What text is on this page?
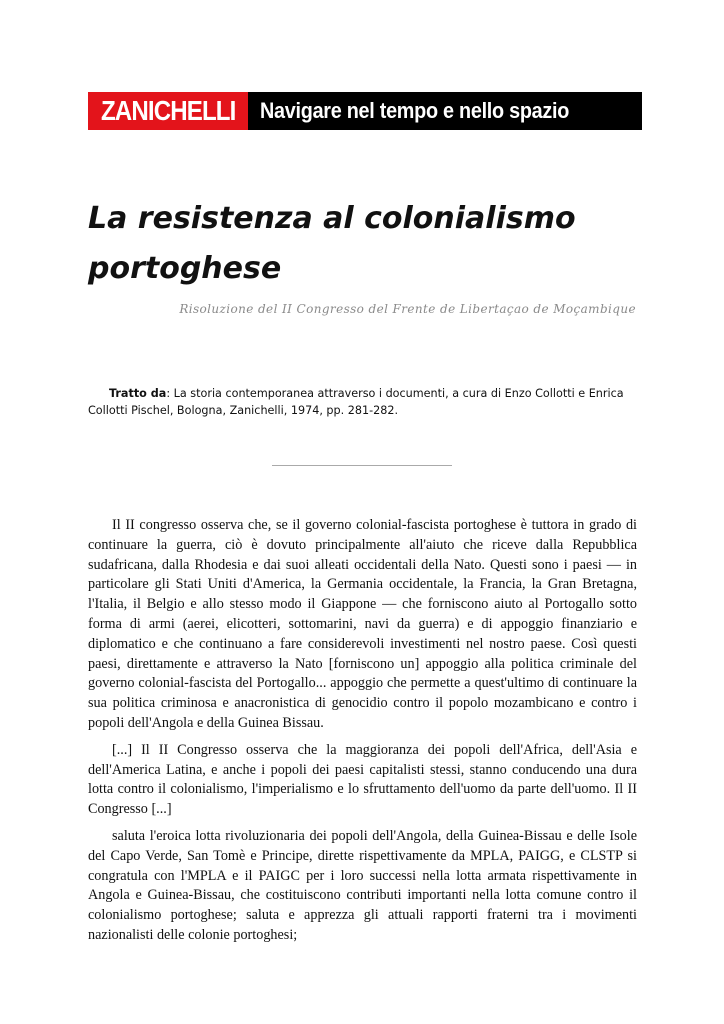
ZANICHELLI Navigare nel tempo e nello spazio
La resistenza al colonialismo portoghese
Risoluzione del II Congresso del Frente de Libertaçao de Moçambique

Tratto da: La storia contemporanea attraverso i documenti, a cura di Enzo Collotti e Enrica Collotti Pischel, Bologna, Zanichelli, 1974, pp. 281-282.

Il II congresso osserva che, se il governo colonial-fascista portoghese è tuttora in grado di continuare la guerra, ciò è dovuto principalmente all'aiuto che riceve dalla Repubblica sudafricana, dalla Rhodesia e dai suoi alleati occidentali della Nato. Questi sono i paesi — in particolare gli Stati Uniti d'America, la Germania occidentale, la Francia, la Gran Bretagna, l'Italia, il Belgio e allo stesso modo il Giappone — che forniscono aiuto al Portogallo sotto forma di armi (aerei, elicotteri, sottomarini, navi da guerra) e di appoggio finanziario e diplomatico e che continuano a fare considerevoli investimenti nel nostro paese. Così questi paesi, direttamente e attraverso la Nato [forniscono un] appoggio alla politica criminale del governo colonial-fascista del Portogallo... appoggio che permette a quest'ultimo di continuare la sua politica criminosa e anacronistica di genocidio contro il popolo mozambicano e contro i popoli dell'Angola e della Guinea Bissau.

[...] Il II Congresso osserva che la maggioranza dei popoli dell'Africa, dell'Asia e dell'America Latina, e anche i popoli dei paesi capitalisti stessi, stanno conducendo una dura lotta contro il colonialismo, l'imperialismo e lo sfruttamento dell'uomo da parte dell'uomo. Il II Congresso [...]

saluta l'eroica lotta rivoluzionaria dei popoli dell'Angola, della Guinea-Bissau e delle Isole del Capo Verde, San Tomè e Principe, dirette rispettivamente da MPLA, PAIGG, e CLSTP si congratula con l'MPLA e il PAIGC per i loro successi nella lotta armata rispettivamente in Angola e Guinea-Bissau, che costituiscono contributi importanti nella lotta comune contro il colonialismo portoghese; saluta e apprezza gli attuali rapporti fraterni tra i movimenti nazionalisti delle colonie portoghesi;
